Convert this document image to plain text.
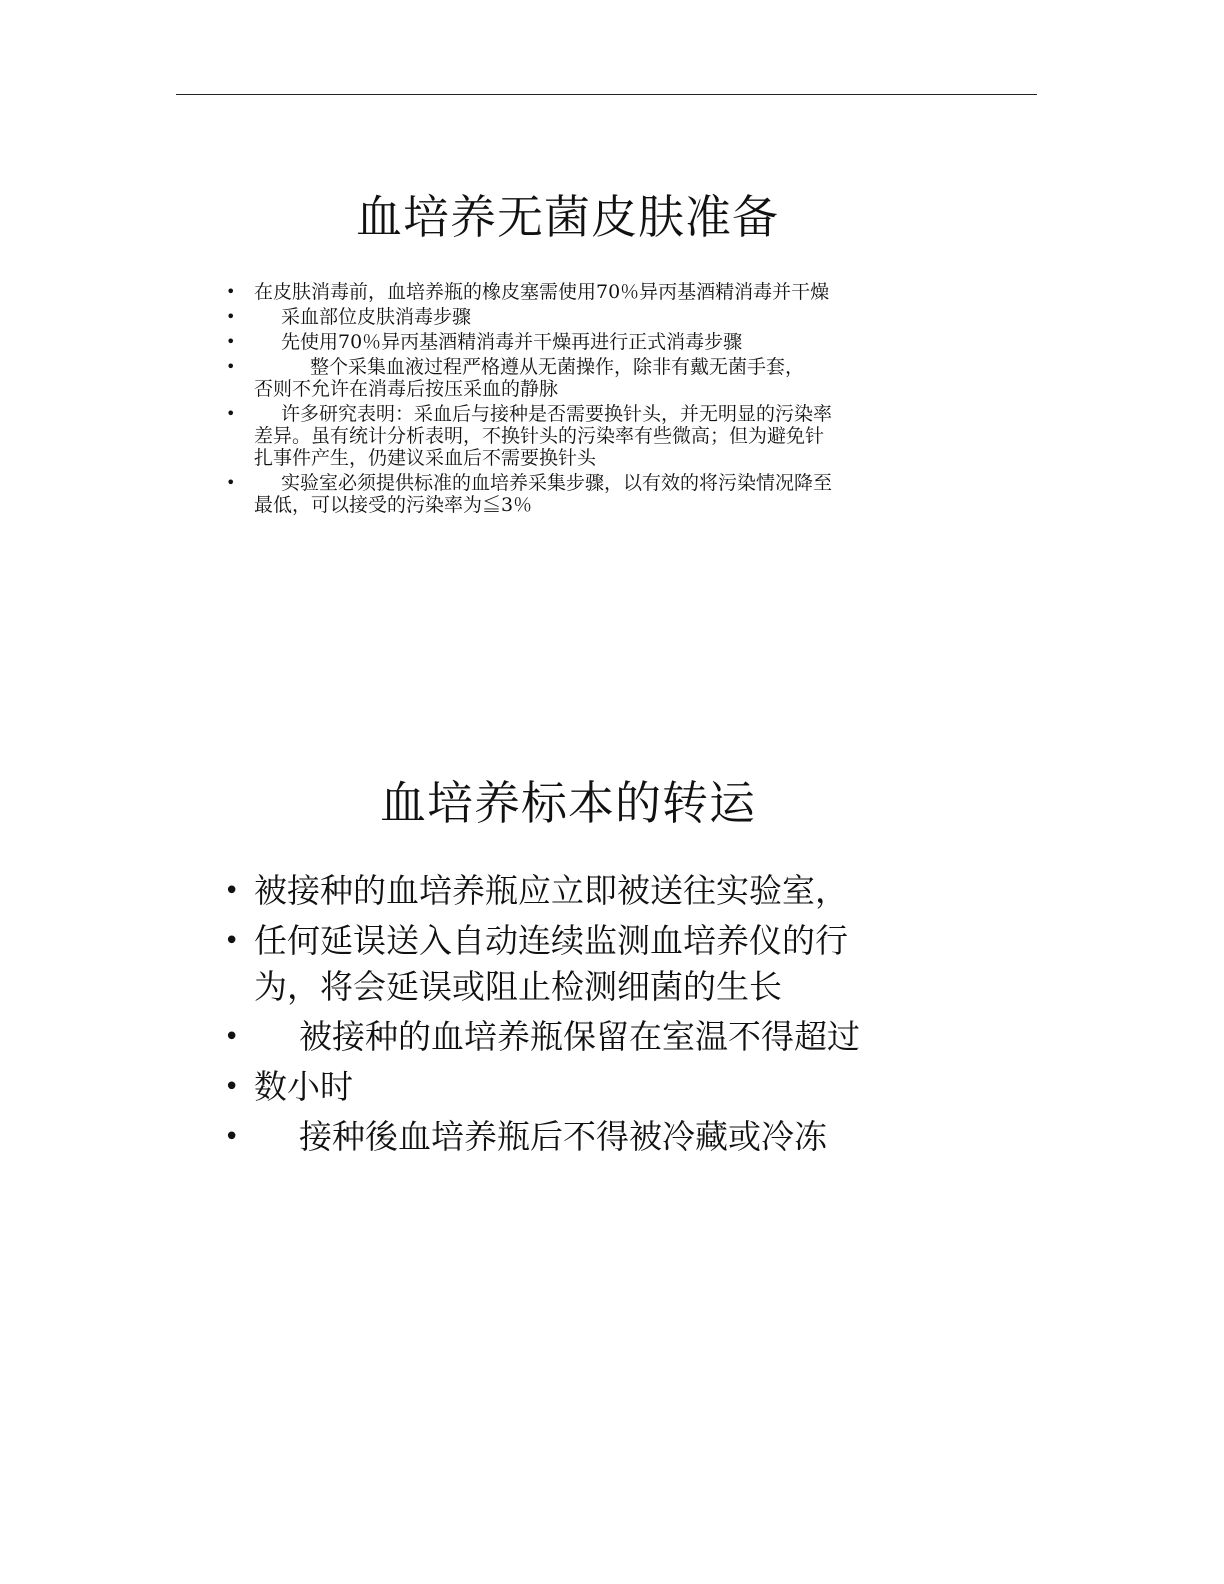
血培养无菌皮肤准备
• 在皮肤消毒前，血培养瓶的橡皮塞需使用70％异丙基酒精消毒并干燥
•	采血部位皮肤消毒步骤
•	先使用70％异丙基酒精消毒并干燥再进行正式消毒步骤
•	整个采集血液过程严格遵从无菌操作，除非有戴无菌手套，
否则不允许在消毒后按压采血的静脉
•	许多研究表明：采血后与接种是否需要换针头，并无明显的污染率
差异。虽有统计分析表明，不换针头的污染率有些微高；但为避免针
扎事件产生，仍建议采血后不需要换针头
•	实验室必须提供标准的血培养采集步骤，以有效的将污染情况降至
最低，可以接受的污染率为≦3％
血培养标本的转运
• 被接种的血培养瓶应立即被送往实验室，
• 任何延误送入自动连续监测血培养仪的行
为，将会延误或阻止检测细菌的生长
•	被接种的血培养瓶保留在室温不得超过
• 数小时
•	接种後血培养瓶后不得被冷藏或冷冻
